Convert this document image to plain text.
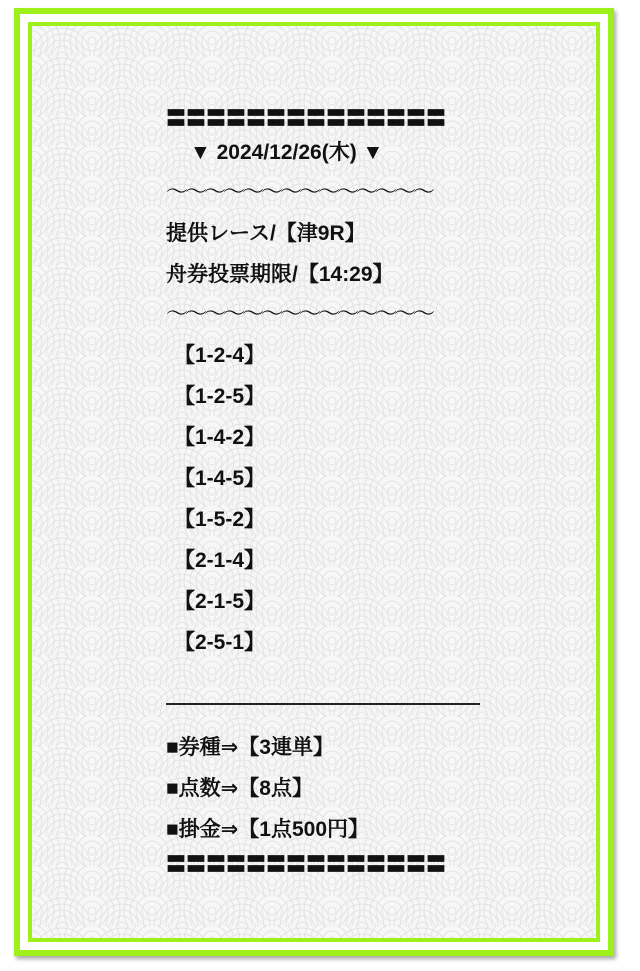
〓〓〓〓〓〓〓〓〓〓〓〓〓〓
▼ 2024/12/26(木) ▼
〜〜〜〜〜〜〜〜〜〜〜〜〜〜
提供レース/【津9R】
舟券投票期限/【14:29】
〜〜〜〜〜〜〜〜〜〜〜〜〜〜
【1-2-4】
【1-2-5】
【1-4-2】
【1-4-5】
【1-5-2】
【2-1-4】
【2-1-5】
【2-5-1】
■券種⇒【3連単】
■点数⇒【8点】
■掛金⇒【1点500円】
〓〓〓〓〓〓〓〓〓〓〓〓〓〓
